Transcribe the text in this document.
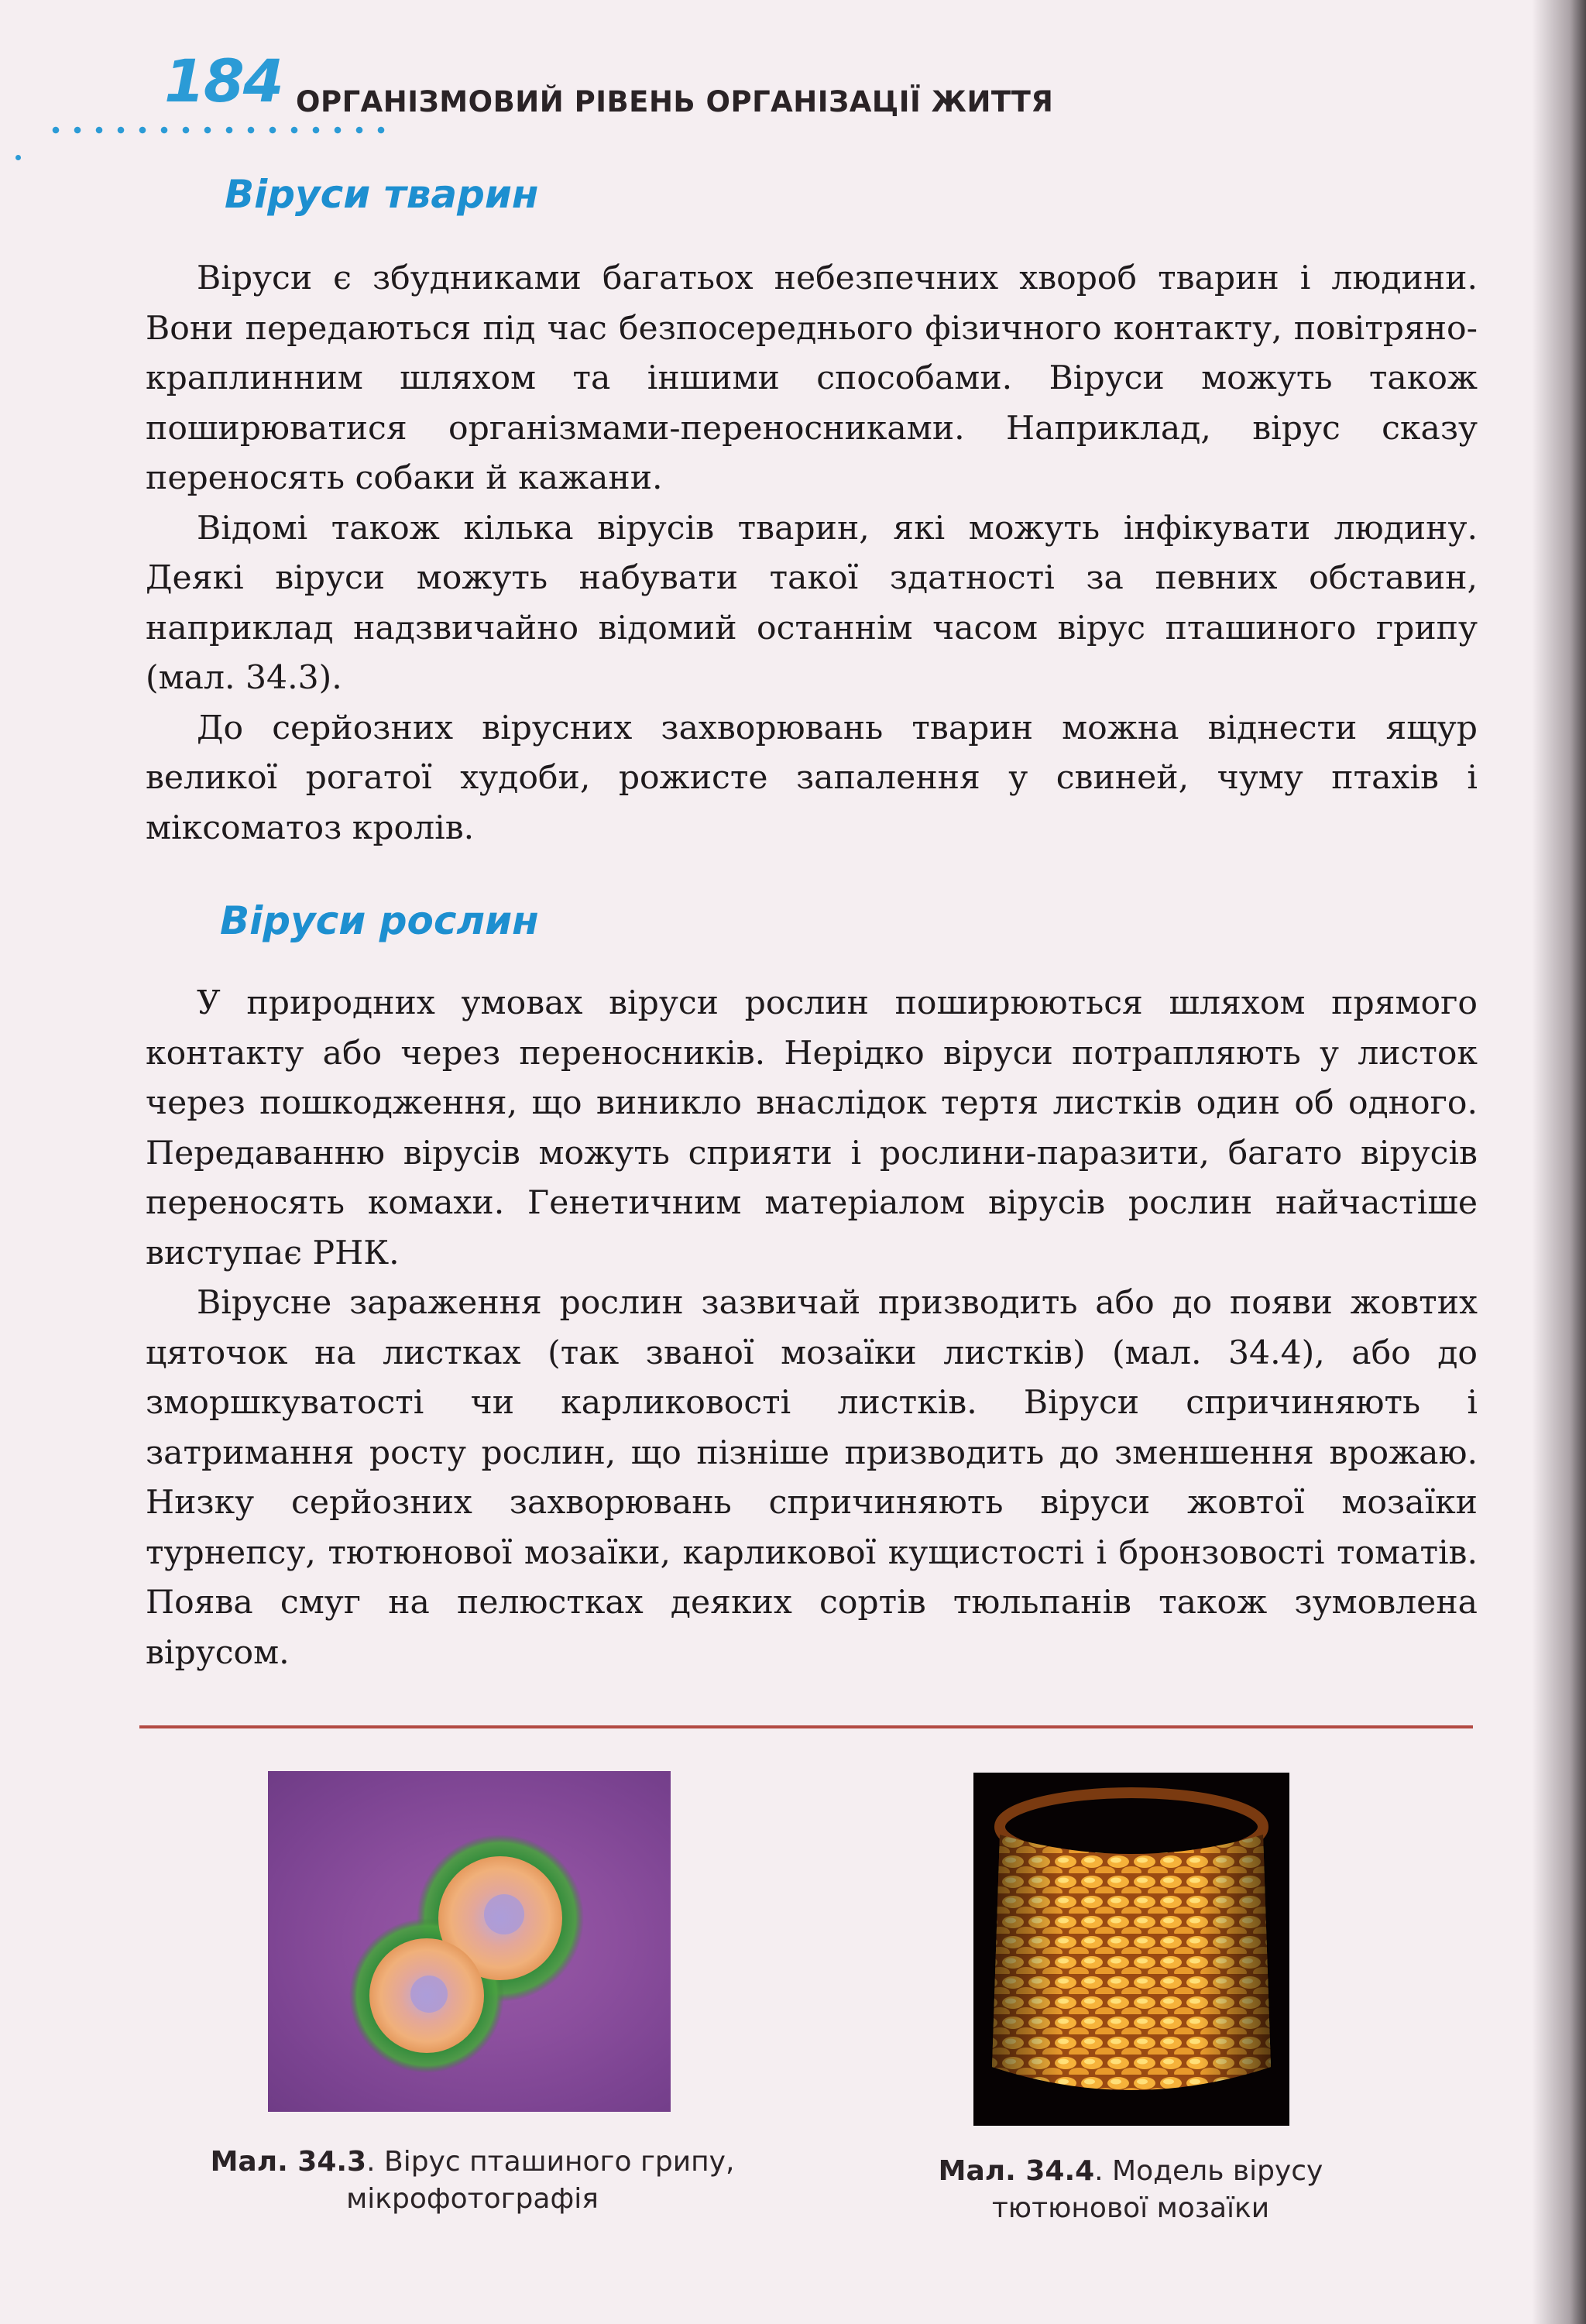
184 ОРГАНІЗМОВИЙ РІВЕНЬ ОРГАНІЗАЦІЇ ЖИТТЯ
Віруси тварин

Віруси є збудниками багатьох небезпечних хвороб тварин і людини. Вони передаються під час безпосереднього фізичного контакту, повітряно-краплинним шляхом та іншими способами. Віруси можуть також поширюватися організмами-переносниками. Наприклад, вірус сказу переносять собаки й кажани.

Відомі також кілька вірусів тварин, які можуть інфікувати людину. Деякі віруси можуть набувати такої здатності за певних обставин, наприклад надзвичайно відомий останнім часом вірус пташиного грипу (мал. 34.3).

До серйозних вірусних захворювань тварин можна віднести ящур великої рогатої худоби, рожисте запалення у свиней, чуму птахів і міксоматоз кролів.

Віруси рослин

У природних умовах віруси рослин поширюються шляхом прямого контакту або через переносників. Нерідко віруси потрапляють у листок через пошкодження, що виникло внаслідок тертя листків один об одного. Передаванню вірусів можуть сприяти і рослини-паразити, багато вірусів переносять комахи. Генетичним матеріалом вірусів рослин найчастіше виступає РНК.

Вірусне зараження рослин зазвичай призводить або до появи жовтих цяточок на листках (так званої мозаїки листків) (мал. 34.4), або до зморшкуватості чи карликовості листків. Віруси спричиняють і затримання росту рослин, що пізніше призводить до зменшення врожаю. Низку серйозних захворювань спричиняють віруси жовтої мозаїки турнепсу, тютюнової мозаїки, карликової кущистості і бронзовості томатів. Поява смуг на пелюстках деяких сортів тюльпанів також зумовлена вірусом.

Мал. 34.3. Вірус пташиного грипу,
мікрофотографія
Мал. 34.4. Модель вірусу
тютюнової мозаїки
